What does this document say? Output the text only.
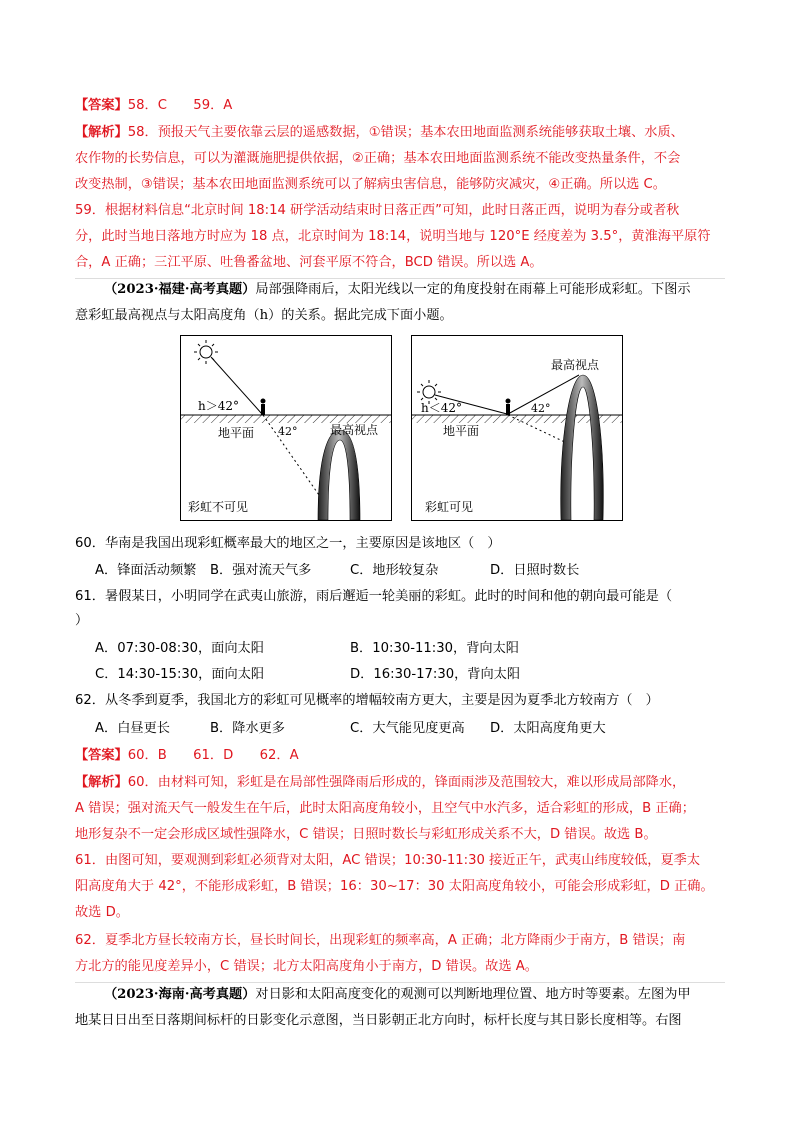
【答案】58．C　　59．A
【解析】58．预报天气主要依靠云层的遥感数据，①错误；基本农田地面监测系统能够获取土壤、水质、
农作物的长势信息，可以为灌溉施肥提供依据，②正确；基本农田地面监测系统不能改变热量条件，不会
改变热制，③错误；基本农田地面监测系统可以了解病虫害信息，能够防灾减灾，④正确。所以选 C。
59．根据材料信息“北京时间 18:14 研学活动结束时日落正西”可知，此时日落正西，说明为春分或者秋
分，此时当地日落地方时应为 18 点，北京时间为 18:14，说明当地与 120°E 经度差为 3.5°，黄淮海平原符
合，A 正确；三江平原、吐鲁番盆地、河套平原不符合，BCD 错误。所以选 A。
（2023·福建·高考真题）局部强降雨后，太阳光线以一定的角度投射在雨幕上可能形成彩虹。下图示
意彩虹最高视点与太阳高度角（h）的关系。据此完成下面小题。
h＞42°
地平面 42°	最高视点
彩虹不可见
h＜42°
地平面
42°
最高视点
彩虹可见
60．华南是我国出现彩虹概率最大的地区之一，主要原因是该地区（　）
A．锋面活动频繁 B．强对流天气多	C．地形较复杂	D．日照时数长
61．暑假某日，小明同学在武夷山旅游，雨后邂逅一轮美丽的彩虹。此时的时间和他的朝向最可能是（
）
A．07:30-08:30，面向太阳	B．10:30-11:30，背向太阳
C．14:30-15:30，面向太阳	D．16:30-17:30，背向太阳
62．从冬季到夏季，我国北方的彩虹可见概率的增幅较南方更大，主要是因为夏季北方较南方（　）
A．白昼更长	B．降水更多	C．大气能见度更高 D．太阳高度角更大
【答案】60．B　　61．D　　62．A
【解析】60．由材料可知，彩虹是在局部性强降雨后形成的，锋面雨涉及范围较大，难以形成局部降水，
A 错误；强对流天气一般发生在午后，此时太阳高度角较小，且空气中水汽多，适合彩虹的形成，B 正确；
地形复杂不一定会形成区域性强降水，C 错误；日照时数长与彩虹形成关系不大，D 错误。故选 B。
61．由图可知，要观测到彩虹必须背对太阳，AC 错误；10:30-11:30 接近正午，武夷山纬度较低，夏季太
阳高度角大于 42°，不能形成彩虹，B 错误；16：30~17：30 太阳高度角较小，可能会形成彩虹，D 正确。
故选 D。
62．夏季北方昼长较南方长，昼长时间长，出现彩虹的频率高，A 正确；北方降雨少于南方，B 错误；南
方北方的能见度差异小，C 错误；北方太阳高度角小于南方，D 错误。故选 A。
（2023·海南·高考真题）对日影和太阳高度变化的观测可以判断地理位置、地方时等要素。左图为甲
地某日日出至日落期间标杆的日影变化示意图，当日影朝正北方向时，标杆长度与其日影长度相等。右图
